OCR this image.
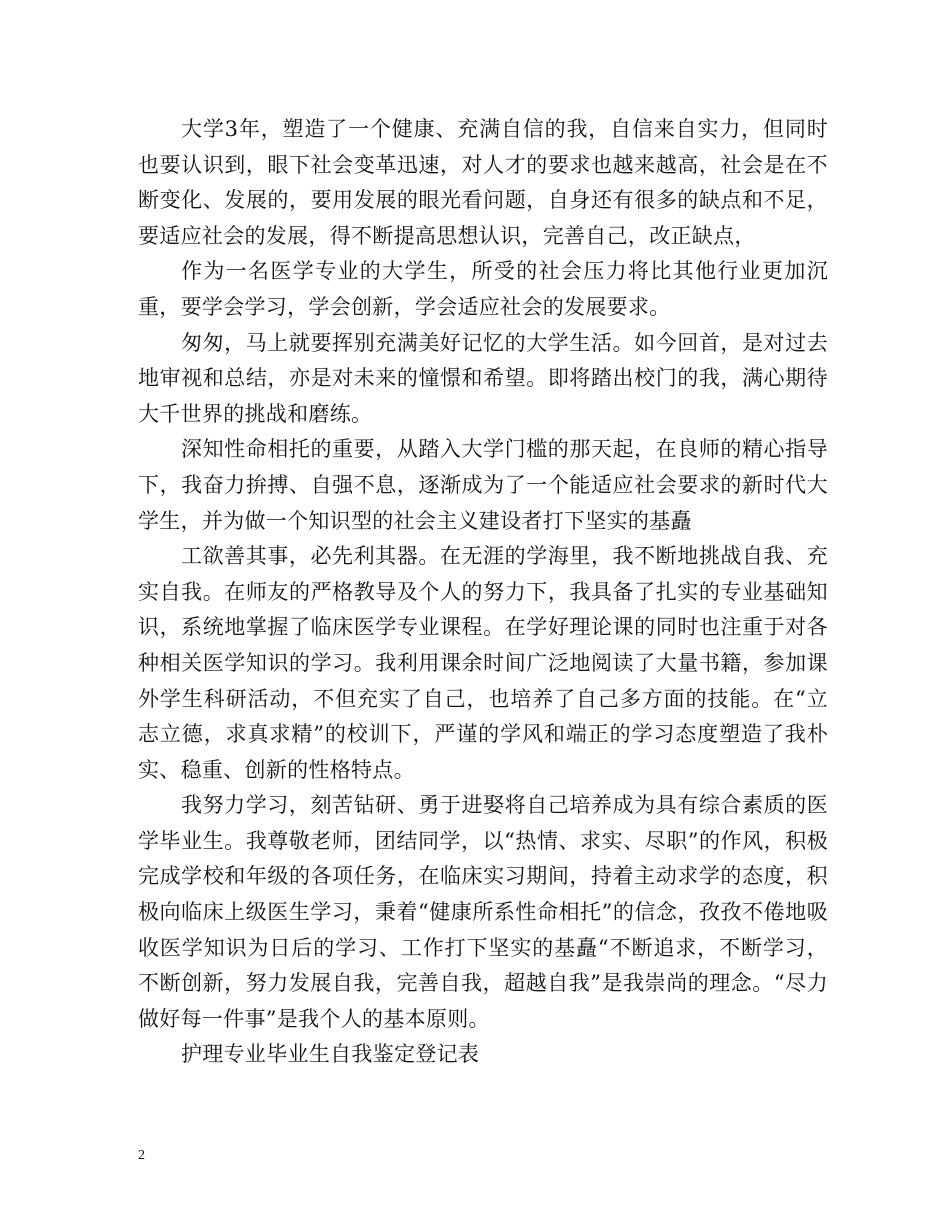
大学3年，塑造了一个健康、充满自信的我，自信来自实力，但同时也要认识到，眼下社会变革迅速，对人才的要求也越来越高，社会是在不断变化、发展的，要用发展的眼光看问题，自身还有很多的缺点和不足，要适应社会的发展，得不断提高思想认识，完善自己，改正缺点，

作为一名医学专业的大学生，所受的社会压力将比其他行业更加沉重，要学会学习，学会创新，学会适应社会的发展要求。

匆匆，马上就要挥别充满美好记忆的大学生活。如今回首，是对过去地审视和总结，亦是对未来的憧憬和希望。即将踏出校门的我，满心期待大千世界的挑战和磨练。

深知性命相托的重要，从踏入大学门槛的那天起，在良师的精心指导下，我奋力拚搏、自强不息，逐渐成为了一个能适应社会要求的新时代大学生，并为做一个知识型的社会主义建设者打下坚实的基矗

工欲善其事，必先利其器。在无涯的学海里，我不断地挑战自我、充实自我。在师友的严格教导及个人的努力下，我具备了扎实的专业基础知识，系统地掌握了临床医学专业课程。在学好理论课的同时也注重于对各种相关医学知识的学习。我利用课余时间广泛地阅读了大量书籍，参加课外学生科研活动，不但充实了自己，也培养了自己多方面的技能。在“立志立德，求真求精”的校训下，严谨的学风和端正的学习态度塑造了我朴实、稳重、创新的性格特点。

我努力学习，刻苦钻研、勇于进娶将自己培养成为具有综合素质的医学毕业生。我尊敬老师，团结同学，以“热情、求实、尽职”的作风，积极完成学校和年级的各项任务，在临床实习期间，持着主动求学的态度，积极向临床上级医生学习，秉着“健康所系性命相托”的信念，孜孜不倦地吸收医学知识为日后的学习、工作打下坚实的基矗“不断追求，不断学习，不断创新，努力发展自我，完善自我，超越自我”是我崇尚的理念。“尽力做好每一件事”是我个人的基本原则。

护理专业毕业生自我鉴定登记表

2
